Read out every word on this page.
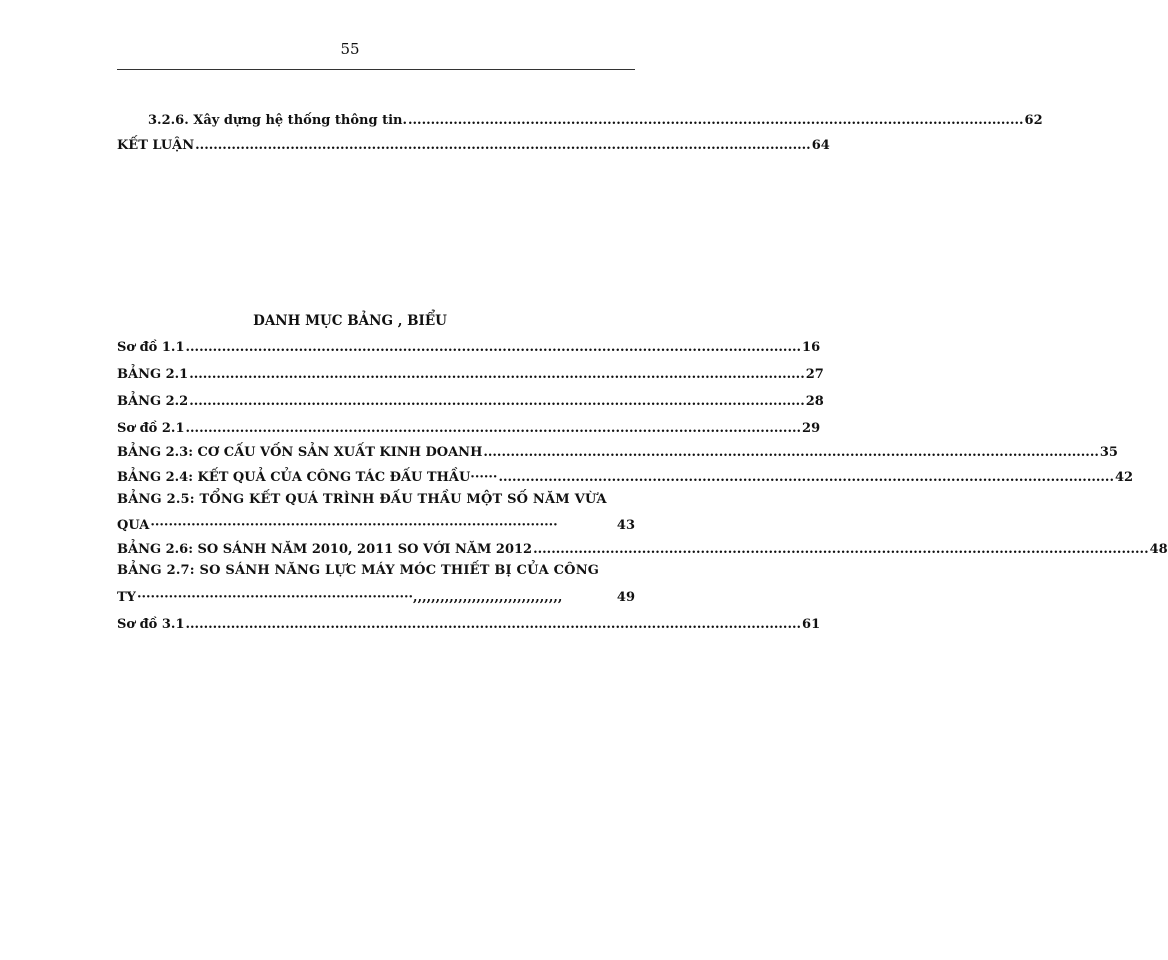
55
3.2.6. Xây dựng hệ thống thông tin. ........................................................................................................................................ 62
KẾT LUẬN ........................................................................................................................................ 64
DANH MỤC BẢNG , BIỂU
Sơ đồ 1.1 ........................................................................................................................................ 16
BẢNG 2.1 ........................................................................................................................................ 27
BẢNG 2.2 ........................................................................................................................................ 28
Sơ đồ 2.1 ........................................................................................................................................ 29
BẢNG 2.3: CƠ CẤU VỐN SẢN XUẤT KINH DOANH ........................................................................................................................................ 35
BẢNG 2.4: KẾT QUẢ CỦA CÔNG TÁC ĐẤU THẦU······ ........................................................................................................................................ 42
BẢNG 2.5: TỔNG KẾT QUÁ TRÌNH ĐẤU THẦU MỘT SỐ NĂM VỪA
QUA ··························································································	43
BẢNG 2.6: SO SÁNH NĂM 2010, 2011 SO VỚI NĂM 2012 ........................................................................................................................................ 48
BẢNG 2.7: SO SÁNH NĂNG LỰC MÁY MÓC THIẾT BỊ CỦA CÔNG
TY ·····························································,,,,,,,,,,,,,,,,,,,,,,,,,,,,,,,,,	49
Sơ đồ 3.1 ........................................................................................................................................ 61
